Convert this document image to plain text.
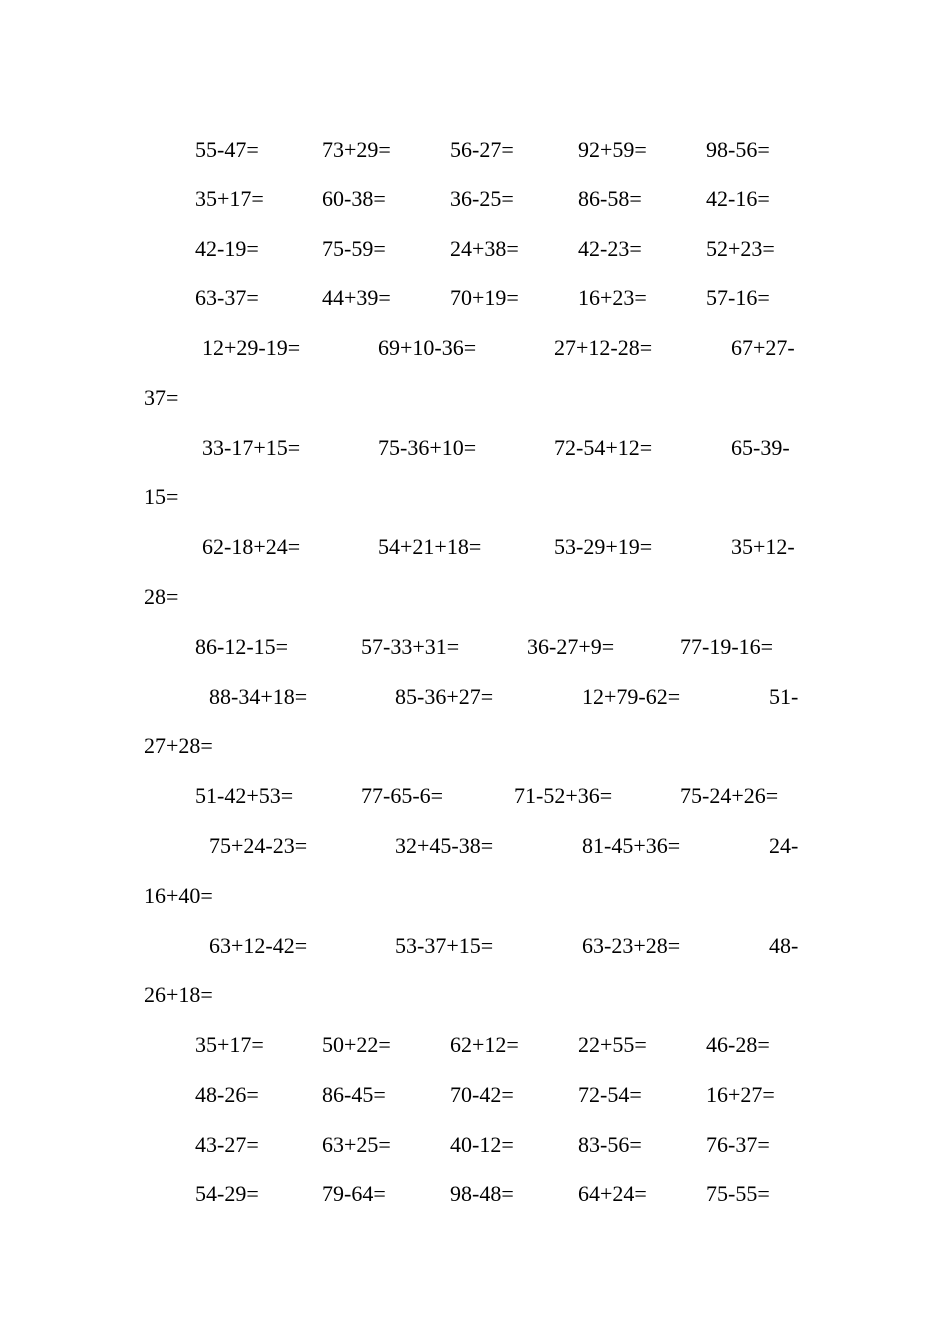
55-47=	73+29=	56-27=	92+59=	98-56=
35+17=	60-38=	36-25=	86-58=	42-16=
42-19=	75-59=	24+38=	42-23=	52+23=
63-37=	44+39=	70+19=	16+23=	57-16=
12+29-19=	69+10-36=	27+12-28=	67+27-
37=
33-17+15=	75-36+10=	72-54+12=	65-39-
15=
62-18+24=	54+21+18=	53-29+19=	35+12-
28=
86-12-15=	57-33+31=	36-27+9=	77-19-16=
88-34+18=	85-36+27=	12+79-62=	51-
27+28=
51-42+53=	77-65-6=	71-52+36=	75-24+26=
75+24-23=	32+45-38=	81-45+36=	24-
16+40=
63+12-42=	53-37+15=	63-23+28=	48-
26+18=
35+17=	50+22=	62+12=	22+55=	46-28=
48-26=	86-45=	70-42=	72-54=	16+27=
43-27=	63+25=	40-12=	83-56=	76-37=
54-29=	79-64=	98-48=	64+24=	75-55=
